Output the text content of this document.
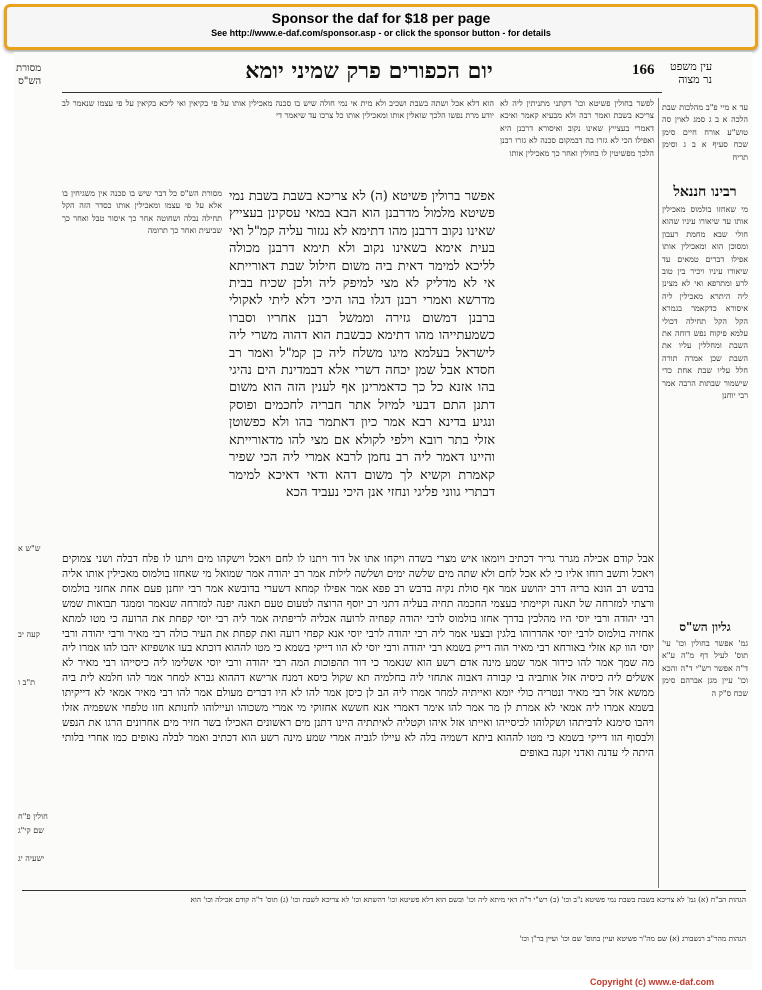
Sponsor the daf for $18 per page
See http://www.e-daf.com/sponsor.asp - or click the sponsor button - for details
166
יום הכפורים פרק שמיני יומא	עין משפט
נר מצוה
מסורת
הש"ס
עד א מיי פ"ב מהלכות שבת הלכה א ב ג סמג לאוין סה טוש"ע אורח חיים סימן שכח סעיף א ב ג וסימן תריח
רבינו חננאל
מי שאחזו בולמוס מאכילין אותו עד שיאורו עיניו שהוא חולי שבא מחמת רעבון ומסוכן הוא ומאכילין אותו אפילו דברים טמאים עד שיאורו עיניו ויכיר בין טוב לרע ומתרפא ואי לא מצינן ליה היתרא מאכילין ליה איסורא כדקאמר בגמרא הקל הקל תחילה דכולי עלמא פיקוח נפש דוחה את השבת ומחללין עליו את השבת שכן אמרה תורה חלל עליו שבת אחת כדי שישמור שבתות הרבה אמר רבי יוחנן
גליון הש"ס
גמ' אפשר בחולין וכו' עי' תוס' לעיל דף מ"ה ע"א ד"ה אפשר רש"י ד"ה והכא וכו' עיין מגן אברהם סימן שכח ס"ק ה
לפשר בחולין פשיטא וכו' דקתני מתניתין ליה לא צריכא בשבת ואמר רבה ולא מבעיא קאמר ואיכא דאמרי בעצייץ שאינו נקוב ואיסורא דרבנן היא ואפילו הכי לא גזרו בה דבמקום סכנה לא גזרו רבנן הלכך מפשיטין לו בחולין ואחר כך מאכילין אותו
הוא דלא אכל ושתה בשבת ושכיב ולא מית אי נמי חולה שיש בו סכנה מאכילין אותו על פי בקיאין ואי ליכא בקיאין על פי עצמו שנאמר לב יודע מרת נפשו הלכך שואלין אותו ומאכילין אותו כל צרכו עד שיאמר די
אפשר ברולין פשיטא (ה) לא צריכא בשבת בשבת נמי פשיטא מלמול מדרבנן הוא הבא במאי עסקינן בעצייץ שאינו נקוב דרבנן מהו דתימא לא נגזור עליה קמ"ל ואי בעית אימא בשאינו נקוב ולא תימא דרבנן מכולה לליכא למימר דאית ביה משום חילול שבת דאורייתא אי לא מדליק לא מצי למיפק ליה ולכן שכיח בבית מדרשא ואמרי רבנן דגלו בהו היכי דלא ליתי לאקולי ברבנן דמשום גזירה וממשל רבנן אחריו וסברו כשמעתייהו מהו דתימא כבשבת הוא דהוה משרי ליה לישראל בעלמא מיגו משלח ליה כן קמ"ל ואמר רב חסדא אבל שמן יכחה דשרי אלא דבמדינת הים נהיגי בהו אזנא כל כך כדאמרינן אף לענין הזה הוא משום דתנן התם דבעי למיזל אתר חבריה לחכמים ופוסק ונגיע בדינא רבא אמר כיון דאתמר בהו ולא כפשוטן אזלי בתר רובא וילפי לקולא אם מצי להו מדאורייתא והיינו דאמר ליה רב נחמן לרבא אמרי ליה הכי שפיר קאמרת וקשיא לך משום דהא ודאי דאיכא למימר דבתרי גווני פליגי ונחזי אנן היכי נעביד הכא
מסורת הש"ס כל דבר שיש בו סכנה אין משגיחין בו אלא על פי עצמו ומאכילין אותו כסדר הזה הקל תחילה נבלה ושחוטה אחר כך איסור טבל ואחר כך שביעית ואחר כך תרומה
אבל קודם אכילה מגרר גריר דכתיב ויומאו איש מצרי בשדה ויקחו אתו אל דוד ויתנו לו לחם ויאכל וישקהו מים ויתנו לו פלח דבלה ושני צמוקים ויאכל ותשב רוחו אליו כי לא אכל לחם ולא שתה מים שלשה ימים ושלשה לילות אמר רב יהודה אמר שמואל מי שאחזו בולמוס מאכילין אותו אליה בדבש רב הונא בריה דרב יהושע אמר אף סולת נקיה בדבש רב פפא אמר אפילו קמחא דשערי בדובשא אמר רבי יוחנן פעם אחת אחזני בולמוס ורצתי למזרחה של תאנה וקיימתי בעצמי החכמה תחיה בעליה דתני רב יוסף הרוצה לטעום טעם תאנה יפנה למזרחה שנאמר וממגד תבואות שמש רבי יהודה ורבי יוסי היו מהלכין בדרך אחזו בולמוס לרבי יהודה קפחיה לרועה אכליה לריפתיה אמר ליה רבי יוסי קפחת את הרועה כי מטו למתא אחזיה בולמוס לרבי יוסי אהדרוהו בלגין ובצעי אמר ליה רבי יהודה לרבי יוסי אנא קפחי רועה ואת קפחת את העיר כולה רבי מאיר ורבי יהודה ורבי יוסי הוו קא אזלי באורחא רבי מאיר הוה דייק בשמא רבי יהודה ורבי יוסי לא הוו דייקי בשמא כי מטו לההוא דוכתא בעו אושפיזא יהבו להו אמרו ליה מה שמך אמר להו כידור אמר שמע מינה אדם רשע הוא שנאמר כי דור תהפוכות המה רבי יהודה ורבי יוסי אשלימו ליה כיסייהו רבי מאיר לא אשלים ליה כיסיה אזל אותביה בי קבורה דאבוה אתחזי ליה בחלמיה תא שקול כיסא דמנח ארישא דההוא גברא למחר אמר להו חלמא לית ביה ממשא אזל רבי מאיר ונטריה כולי יומא ואייתיה למחר אמרו ליה הב לן כיסן אמר להו לא היו דברים מעולם אמר להו רבי מאיר אמאי לא דייקיתו בשמא אמרו ליה אמאי לא אמרת לן מר אמר להו אימר דאמרי אנא חששא אחזוקי מי אמרי משכוהו ועיילוהו לחנותא חזו טלפחי אשפמיה אזלו ויהבו סימנא לדביתהו ושקלוהו לכיסייהו ואייתו אזל איהו וקטליה לאיתתיה היינו דתנן מים ראשונים האכילו בשר חזיר מים אחרונים הרגו את הנפש ולבסוף הוו דייקי בשמא כי מטו לההוא ביתא דשמיה בלה לא עיילו לגביה אמרי שמע מינה רשע הוא דכתיב ואמר לבלה נאופים כמו אחרי בלותי היתה לי עדנה ואדני זקנה באופים
ש"ש א
קעה יב
ת"ב ו
חולין פ"ח
שם קי"ג
ישעיה יג
הגהות הב"ח (א) גמ' לא צריכא בשבת בשבת נמי פשיטא נ"ב וכו' (ב) רש"י ד"ה דאי מיתא ליה וכו' ובשם הוא דלא פשיטא וכו' דהשתא וכו' לא צריכא לשבת וכו' (ג) תוס' ד"ה קודם אכילה וכו' הוא
הגהות מהר"ב רנשבורג (א) שם מה"ר פשיטא ועיין בתוס' שם וכו' ועיין בר"ן וכו'
Copyright (c) www.e-daf.com
